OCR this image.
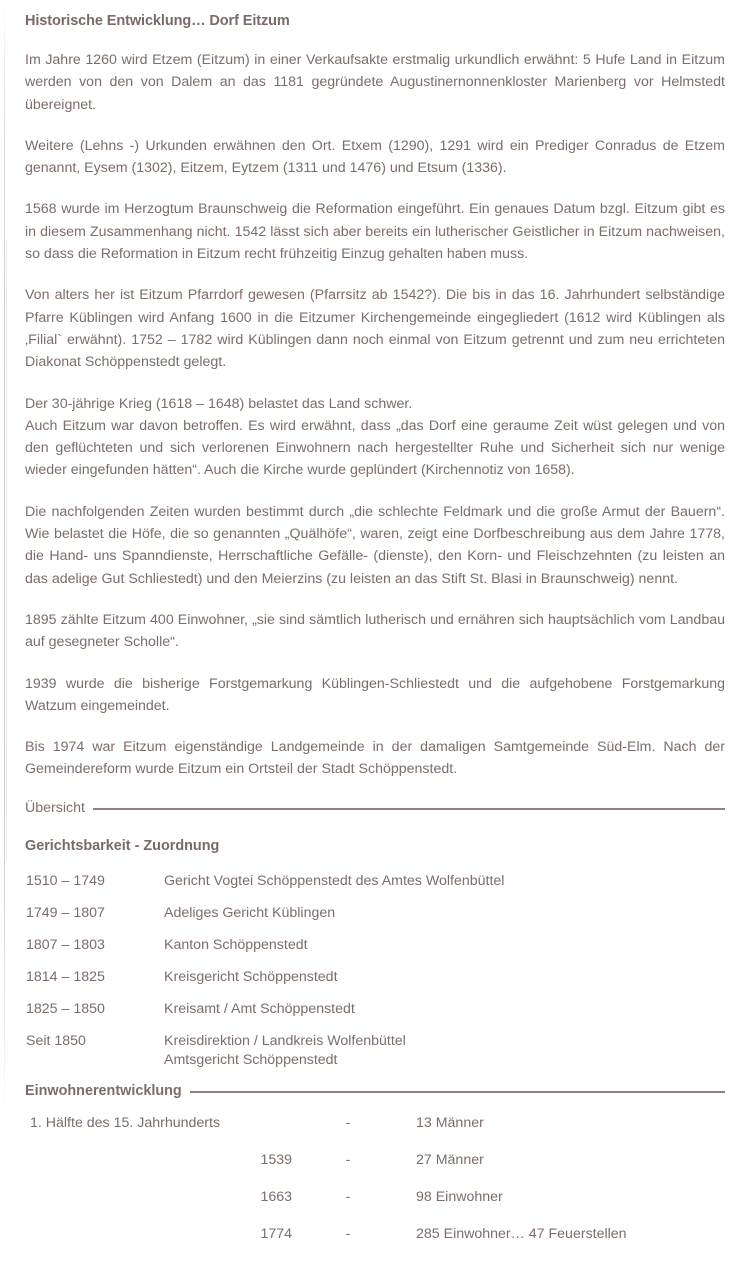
Historische Entwicklung… Dorf Eitzum

Im Jahre 1260 wird Etzem (Eitzum) in einer Verkaufsakte erstmalig urkundlich erwähnt: 5 Hufe Land in Eitzum werden von den von Dalem an das 1181 gegründete Augustinernonnenkloster Marienberg vor Helmstedt übereignet.

Weitere (Lehns -) Urkunden erwähnen den Ort. Etxem (1290), 1291 wird ein Prediger Conradus de Etzem genannt, Eysem (1302), Eitzem, Eytzem (1311 und 1476) und Etsum (1336).

1568 wurde im Herzogtum Braunschweig die Reformation eingeführt. Ein genaues Datum bzgl. Eitzum gibt es in diesem Zusammenhang nicht. 1542 lässt sich aber bereits ein lutherischer Geistlicher in Eitzum nachweisen, so dass die Reformation in Eitzum recht frühzeitig Einzug gehalten haben muss.

Von alters her ist Eitzum Pfarrdorf gewesen (Pfarrsitz ab 1542?). Die bis in das 16. Jahrhundert selbständige Pfarre Küblingen wird Anfang 1600 in die Eitzumer Kirchengemeinde eingegliedert (1612 wird Küblingen als ‚Filial` erwähnt). 1752 – 1782 wird Küblingen dann noch einmal von Eitzum getrennt und zum neu errichteten Diakonat Schöppenstedt gelegt.

Der 30-jährige Krieg (1618 – 1648) belastet das Land schwer.

Auch Eitzum war davon betroffen. Es wird erwähnt, dass „das Dorf eine geraume Zeit wüst gelegen und von den geflüchteten und sich verlorenen Einwohnern nach hergestellter Ruhe und Sicherheit sich nur wenige wieder eingefunden hätten“. Auch die Kirche wurde geplündert (Kirchennotiz von 1658).

Die nachfolgenden Zeiten wurden bestimmt durch „die schlechte Feldmark und die große Armut der Bauern“. Wie belastet die Höfe, die so genannten „Quälhöfe“, waren, zeigt eine Dorfbeschreibung aus dem Jahre 1778, die Hand- uns Spanndienste, Herrschaftliche Gefälle- (dienste), den Korn- und Fleischzehnten (zu leisten an das adelige Gut Schliestedt) und den Meierzins (zu leisten an das Stift St. Blasi in Braunschweig) nennt.

1895 zählte Eitzum 400 Einwohner, „sie sind sämtlich lutherisch und ernähren sich hauptsächlich vom Landbau auf gesegneter Scholle“.

1939 wurde die bisherige Forstgemarkung Küblingen-Schliestedt und die aufgehobene Forstgemarkung Watzum eingemeindet.

Bis 1974 war Eitzum eigenständige Landgemeinde in der damaligen Samtgemeinde Süd-Elm. Nach der Gemeindereform wurde Eitzum ein Ortsteil der Stadt Schöppenstedt.

Übersicht
Gerichtsbarkeit - Zuordnung
1510 – 1749	Gericht Vogtei Schöppenstedt des Amtes Wolfenbüttel
1749 – 1807	Adeliges Gericht Küblingen
1807 – 1803	Kanton Schöppenstedt
1814 – 1825	Kreisgericht Schöppenstedt
1825 – 1850	Kreisamt / Amt Schöppenstedt
Seit 1850	Kreisdirektion / Landkreis Wolfenbüttel
Amtsgericht Schöppenstedt
Einwohnerentwicklung
1. Hälfte des 15. Jahrhunderts	-	13 Männer
1539	-	27 Männer
1663	-	98 Einwohner
1774	-	285 Einwohner… 47 Feuerstellen
